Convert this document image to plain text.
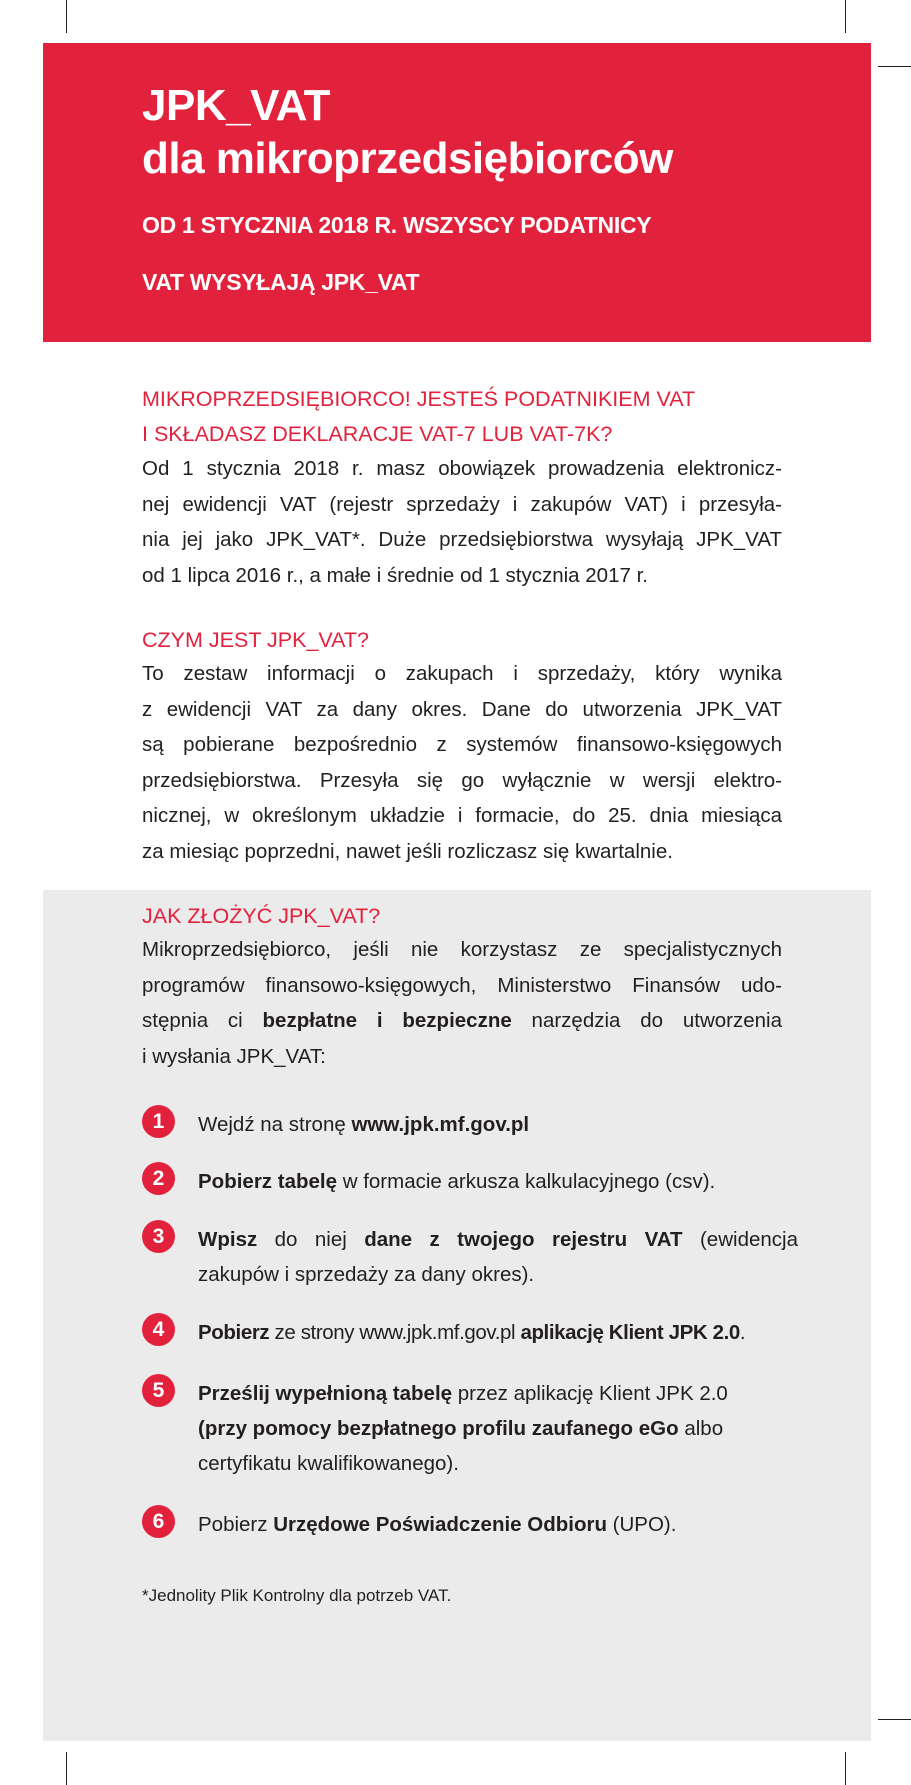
JPK_VAT
dla mikroprzedsiębiorców
OD 1 STYCZNIA 2018 R. WSZYSCY PODATNICY
VAT WYSYŁAJĄ JPK_VAT
MIKROPRZEDSIĘBIORCO! JESTEŚ PODATNIKIEM VAT
I SKŁADASZ DEKLARACJE VAT-7 LUB VAT-7K?
Od 1 stycznia 2018 r. masz obowiązek prowadzenia elektronicz-
nej ewidencji VAT (rejestr sprzedaży i zakupów VAT) i przesyła-
nia jej jako JPK_VAT*. Duże przedsiębiorstwa wysyłają JPK_VAT
od 1 lipca 2016 r., a małe i średnie od 1 stycznia 2017 r.
CZYM JEST JPK_VAT?
To zestaw informacji o zakupach i sprzedaży, który wynika
z ewidencji VAT za dany okres. Dane do utworzenia JPK_VAT
są pobierane bezpośrednio z systemów finansowo-księgowych
przedsiębiorstwa. Przesyła się go wyłącznie w wersji elektro-
nicznej, w określonym układzie i formacie, do 25. dnia miesiąca
za miesiąc poprzedni, nawet jeśli rozliczasz się kwartalnie.
JAK ZŁOŻYĆ JPK_VAT?
Mikroprzedsiębiorco, jeśli nie korzystasz ze specjalistycznych
programów finansowo-księgowych, Ministerstwo Finansów udo-
stępnia ci bezpłatne i bezpieczne narzędzia do utworzenia
i wysłania JPK_VAT:
1	Wejdź na stronę www.jpk.mf.gov.pl
2	Pobierz tabelę w formacie arkusza kalkulacyjnego (csv).
3	Wpisz do niej dane z twojego rejestru VAT (ewidencja
zakupów i sprzedaży za dany okres).
4	Pobierz ze strony www.jpk.mf.gov.pl aplikację Klient JPK 2.0.
5	Prześlij wypełnioną tabelę przez aplikację Klient JPK 2.0
(przy pomocy bezpłatnego profilu zaufanego eGo albo
certyfikatu kwalifikowanego).
6	Pobierz Urzędowe Poświadczenie Odbioru (UPO).
*Jednolity Plik Kontrolny dla potrzeb VAT.
